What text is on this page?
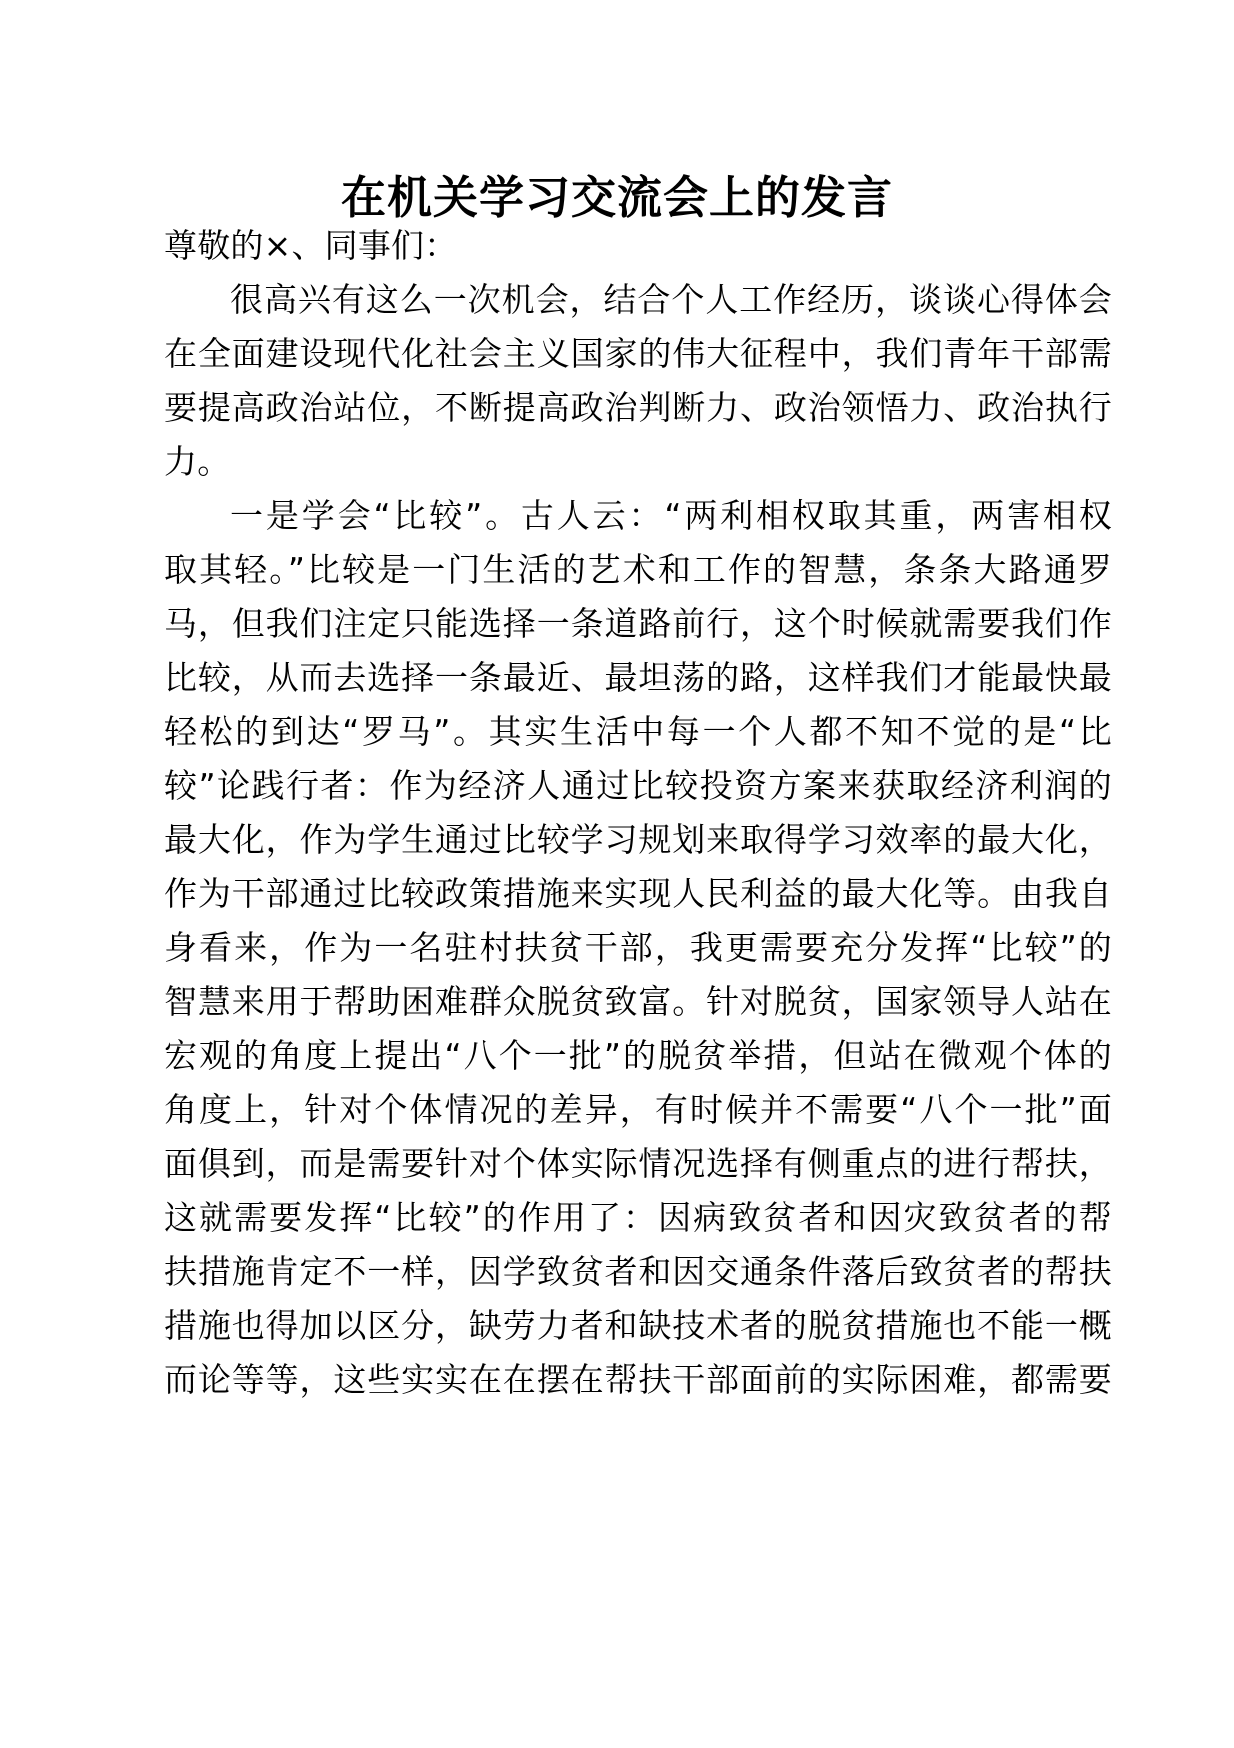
在机关学习交流会上的发言
尊敬的×、同事们：
很高兴有这么一次机会，结合个人工作经历，谈谈心得体会
在全面建设现代化社会主义国家的伟大征程中，我们青年干部需
要提高政治站位，不断提高政治判断力、政治领悟力、政治执行
力。
一是学会“比较”。古人云：“两利相权取其重，两害相权
取其轻。”比较是一门生活的艺术和工作的智慧，条条大路通罗
马，但我们注定只能选择一条道路前行，这个时候就需要我们作
比较，从而去选择一条最近、最坦荡的路，这样我们才能最快最
轻松的到达“罗马”。其实生活中每一个人都不知不觉的是“比
较”论践行者：作为经济人通过比较投资方案来获取经济利润的
最大化，作为学生通过比较学习规划来取得学习效率的最大化，
作为干部通过比较政策措施来实现人民利益的最大化等。由我自
身看来，作为一名驻村扶贫干部，我更需要充分发挥“比较”的
智慧来用于帮助困难群众脱贫致富。针对脱贫，国家领导人站在
宏观的角度上提出“八个一批”的脱贫举措，但站在微观个体的
角度上，针对个体情况的差异，有时候并不需要“八个一批”面
面俱到，而是需要针对个体实际情况选择有侧重点的进行帮扶，
这就需要发挥“比较”的作用了：因病致贫者和因灾致贫者的帮
扶措施肯定不一样，因学致贫者和因交通条件落后致贫者的帮扶
措施也得加以区分，缺劳力者和缺技术者的脱贫措施也不能一概
而论等等，这些实实在在摆在帮扶干部面前的实际困难，都需要
